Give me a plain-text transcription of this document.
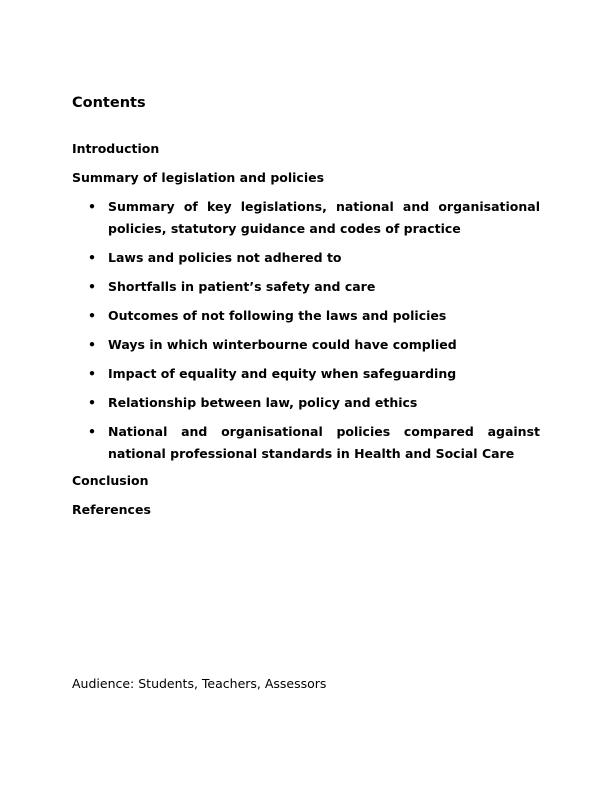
Contents
Introduction
Summary of legislation and policies
• Summary of key legislations, national and organisational policies, statutory guidance and codes of practice
• Laws and policies not adhered to
• Shortfalls in patient’s safety and care
• Outcomes of not following the laws and policies
• Ways in which winterbourne could have complied
• Impact of equality and equity when safeguarding
• Relationship between law, policy and ethics
• National and organisational policies compared against national professional standards in Health and Social Care
Conclusion
References
Audience: Students, Teachers, Assessors
